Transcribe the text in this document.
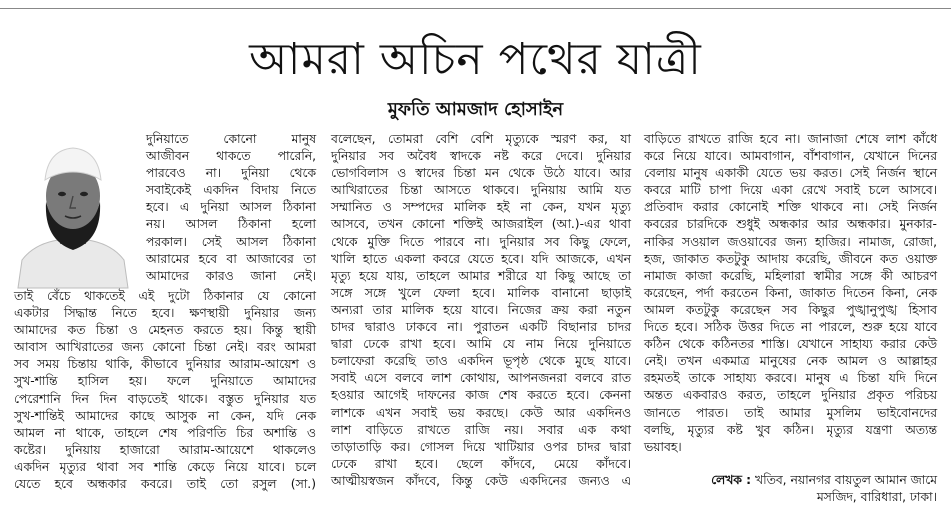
আমরা অচিন পথের যাত্রী
মুফতি আমজাদ হোসাইন

দুনিয়াতে কোনো মানুষ

আজীবন থাকতে পারেনি,

পারবেও না। দুনিয়া থেকে

সবাইকেই একদিন বিদায় নিতে

হবে। এ দুনিয়া আসল ঠিকানা

নয়। আসল ঠিকানা হলো

পরকাল। সেই আসল ঠিকানা

আরামের হবে বা আজাবের তা

আমাদের কারও জানা নেই।

তাই বেঁচে থাকতেই এই দুটো ঠিকানার যে কোনো

একটার সিদ্ধান্ত নিতে হবে। ক্ষণস্থায়ী দুনিয়ার জন্য

আমাদের কত চিন্তা ও মেহনত করতে হয়। কিন্তু স্থায়ী

আবাস আখিরাতের জন্য কোনো চিন্তা নেই। বরং আমরা

সব সময় চিন্তায় থাকি, কীভাবে দুনিয়ার আরাম-আয়েশ ও

সুখ-শান্তি হাসিল হয়। ফলে দুনিয়াতে আমাদের

পেরেশানি দিন দিন বাড়তেই থাকে। বস্তুত দুনিয়ার যত

সুখ-শান্তিই আমাদের কাছে আসুক না কেন, যদি নেক

আমল না থাকে, তাহলে শেষ পরিণতি চির অশান্তি ও

কষ্টের। দুনিয়ায় হাজারো আরাম-আয়েশে থাকলেও

একদিন মৃত্যুর থাবা সব শান্তি কেড়ে নিয়ে যাবে। চলে

যেতে হবে অন্ধকার কবরে। তাই তো রসুল (সা.)

বলেছেন, তোমরা বেশি বেশি মৃত্যুকে স্মরণ কর, যা

দুনিয়ার সব অবৈধ স্বাদকে নষ্ট করে দেবে। দুনিয়ার

ভোগবিলাস ও স্বাদের চিন্তা মন থেকে উঠে যাবে। আর

আখিরাতের চিন্তা আসতে থাকবে। দুনিয়ায় আমি যত

সম্মানিত ও সম্পদের মালিক হই না কেন, যখন মৃত্যু

আসবে, তখন কোনো শক্তিই আজরাইল (আ.)-এর থাবা

থেকে মুক্তি দিতে পারবে না। দুনিয়ার সব কিছু ফেলে,

খালি হাতে একলা কবরে যেতে হবে। যদি আজকে, এখন

মৃত্যু হয়ে যায়, তাহলে আমার শরীরে যা কিছু আছে তা

সঙ্গে সঙ্গে খুলে ফেলা হবে। মালিক বানানো ছাড়াই

অন্যরা তার মালিক হয়ে যাবে। নিজের ক্রয় করা নতুন

চাদর দ্বারাও ঢাকবে না। পুরাতন একটি বিছানার চাদর

দ্বারা ঢেকে রাখা হবে। আমি যে নাম নিয়ে দুনিয়াতে

চলাফেরা করেছি তাও একদিন ভূপৃষ্ঠ থেকে মুছে যাবে।

সবাই এসে বলবে লাশ কোথায়, আপনজনরা বলবে রাত

হওয়ার আগেই দাফনের কাজ শেষ করতে হবে। কেননা

লাশকে এখন সবাই ভয় করছে। কেউ আর একদিনও

লাশ বাড়িতে রাখতে রাজি নয়। সবার এক কথা

তাড়াতাড়ি কর। গোসল দিয়ে খাটিয়ার ওপর চাদর দ্বারা

ঢেকে রাখা হবে। ছেলে কাঁদবে, মেয়ে কাঁদবে।

আত্মীয়স্বজন কাঁদবে, কিন্তু কেউ একদিনের জন্যও এ

বাড়িতে রাখতে রাজি হবে না। জানাজা শেষে লাশ কাঁধে

করে নিয়ে যাবে। আমবাগান, বাঁশবাগান, যেখানে দিনের

বেলায় মানুষ একাকী যেতে ভয় করত। সেই নির্জন স্থানে

কবরে মাটি চাপা দিয়ে একা রেখে সবাই চলে আসবে।

প্রতিবাদ করার কোনোই শক্তি থাকবে না। সেই নির্জন

কবরের চারদিকে শুধুই অন্ধকার আর অন্ধকার। মুনকার-

নাকির সওয়াল জওয়াবের জন্য হাজির। নামাজ, রোজা,

হজ, জাকাত কতটুকু আদায় করেছি, জীবনে কত ওয়াক্ত

নামাজ কাজা করেছি, মহিলারা স্বামীর সঙ্গে কী আচরণ

করেছেন, পর্দা করতেন কিনা, জাকাত দিতেন কিনা, নেক

আমল কতটুকু করেছেন সব কিছুর পুঙ্খানুপুঙ্খ হিসাব

দিতে হবে। সঠিক উত্তর দিতে না পারলে, শুরু হয়ে যাবে

কঠিন থেকে কঠিনতর শাস্তি। যেখানে সাহায্য করার কেউ

নেই। তখন একমাত্র মানুষের নেক আমল ও আল্লাহর

রহমতই তাকে সাহায্য করবে। মানুষ এ চিন্তা যদি দিনে

অন্তত একবারও করত, তাহলে দুনিয়ার প্রকৃত পরিচয়

জানতে পারত। তাই আমার মুসলিম ভাইবোনদের

বলছি, মৃত্যুর কষ্ট খুব কঠিন। মৃত্যুর যন্ত্রণা অত্যন্ত

ভয়াবহ।

লেখক : খতিব, নয়ানগর বায়তুল আমান জামে
মসজিদ, বারিধারা, ঢাকা।
